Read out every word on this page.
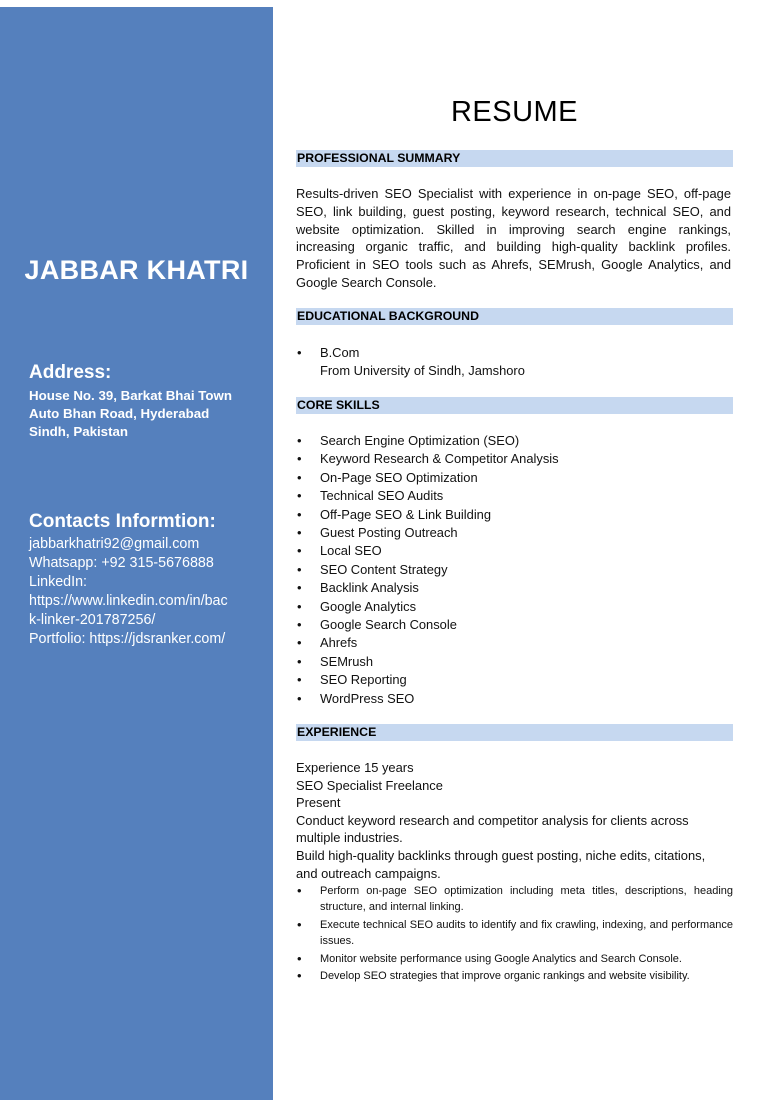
JABBAR KHATRI
Address:
House No. 39, Barkat Bhai Town
Auto Bhan Road, Hyderabad
Sindh, Pakistan
Contacts Informtion:
jabbarkhatri92@gmail.com
Whatsapp: +92 315-5676888
LinkedIn:
https://www.linkedin.com/in/bac
k-linker-201787256/
Portfolio: https://jdsranker.com/
RESUME
PROFESSIONAL SUMMARY
Results-driven SEO Specialist with experience in on-page SEO, off-page SEO, link building, guest posting, keyword research, technical SEO, and website optimization. Skilled in improving search engine rankings, increasing organic traffic, and building high-quality backlink profiles. Proficient in SEO tools such as Ahrefs, SEMrush, Google Analytics, and Google Search Console.
EDUCATIONAL BACKGROUND
• B.Com
From University of Sindh, Jamshoro
CORE SKILLS
• Search Engine Optimization (SEO)
• Keyword Research & Competitor Analysis
• On-Page SEO Optimization
• Technical SEO Audits
• Off-Page SEO & Link Building
• Guest Posting Outreach
• Local SEO
• SEO Content Strategy
• Backlink Analysis
• Google Analytics
• Google Search Console
• Ahrefs
• SEMrush
• SEO Reporting
• WordPress SEO
EXPERIENCE
Experience 15 years
SEO Specialist Freelance
Present
Conduct keyword research and competitor analysis for clients across multiple industries.
Build high-quality backlinks through guest posting, niche edits, citations, and outreach campaigns.
• Perform on-page SEO optimization including meta titles, descriptions, heading structure, and internal linking.
• Execute technical SEO audits to identify and fix crawling, indexing, and performance issues.
• Monitor website performance using Google Analytics and Search Console.
• Develop SEO strategies that improve organic rankings and website visibility.
